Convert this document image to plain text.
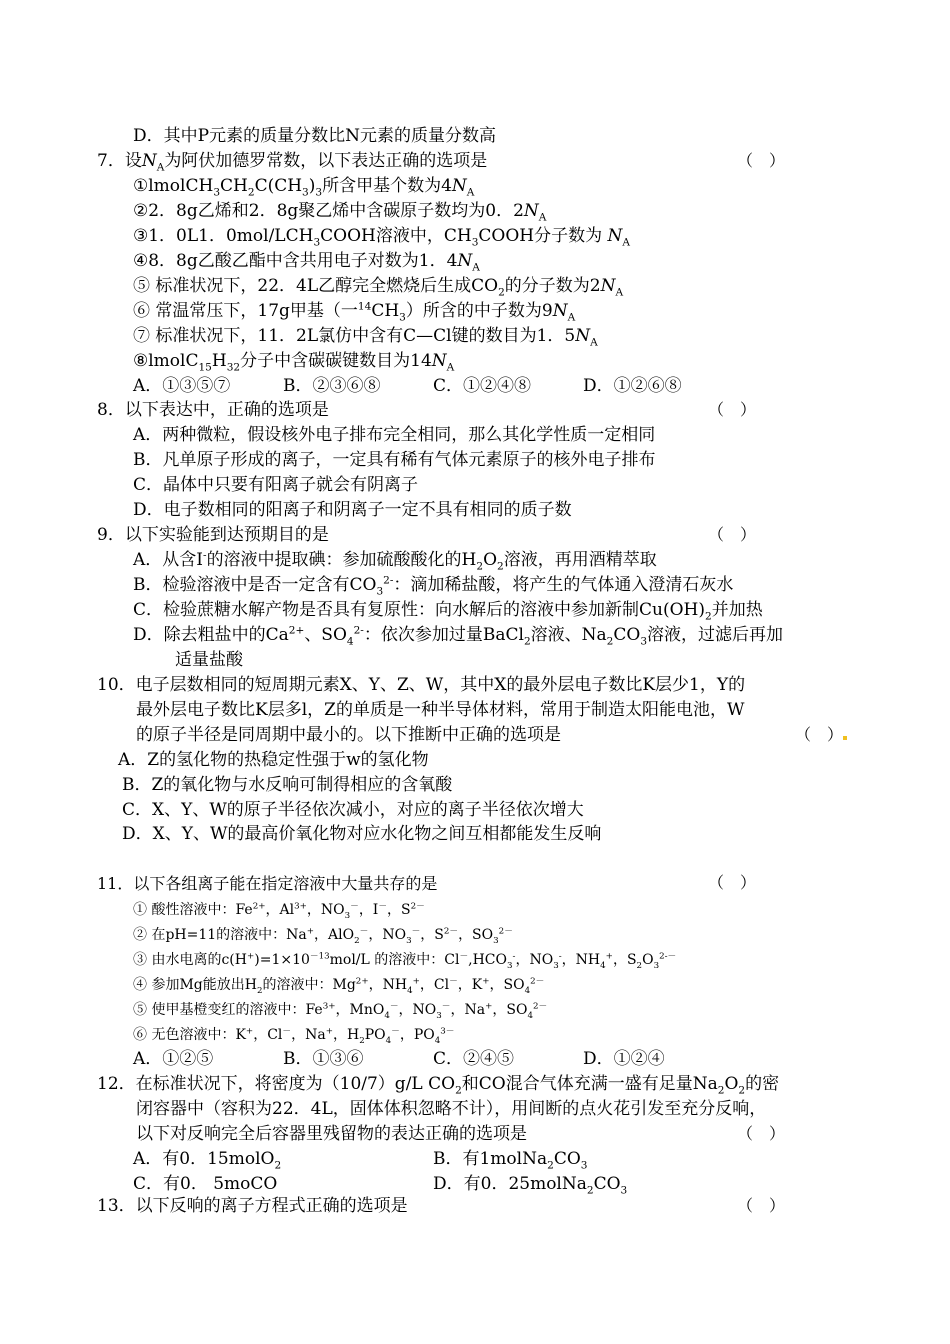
D．其中P元素的质量分数比N元素的质量分数高
7．设$N_A$为阿伏加德罗常数，以下表达正确的选项是	（　）
$①lmolCH_3CH_2C(CH_3)_3$所含甲基个数为$4N_A$
②2．8g乙烯和2．8g聚乙烯中含碳原子数均为0．$2N_A$
③1．0L1．$0mol/LCH_3COOH$溶液中，$CH_3COOH$分子数为 $N_A$
④8．8g乙酸乙酯中含共用电子对数为1．$4N_A$
⑤ 标准状况下，22．4L乙醇完全燃烧后生成$CO_2$的分子数为$2N_A$
⑥ 常温常压下，17g甲基（一$^{14}CH_3$）所含的中子数为$9N_A$
⑦ 标准状况下，11．2L氯仿中含有C—Cl键的数目为1．$5N_A$
$⑧lmolC_{15}H_{32}$分子中含碳碳键数目为$14N_A$
A．①③⑤⑦	B．②③⑥⑧	C．①②④⑧	D．①②⑥⑧
8．以下表达中，正确的选项是	（　）
A．两种微粒，假设核外电子排布完全相同，那么其化学性质一定相同
B．凡单原子形成的离子，一定具有稀有气体元素原子的核外电子排布
C．晶体中只要有阳离子就会有阴离子
D．电子数相同的阳离子和阴离子一定不具有相同的质子数
9．以下实验能到达预期目的是	（　）
A．从含I-的溶液中提取碘：参加硫酸酸化的$H_2O_2$溶液，再用酒精萃取
B．检验溶液中是否一定含有$CO_3^{2-}$：滴加稀盐酸，将产生的气体通入澄清石灰水
C．检验蔗糖水解产物是否具有复原性：向水解后的溶液中参加新制$Cu(OH)_2$并加热
D．除去粗盐中的$Ca^{2+}$、$SO_4^{2-}$：依次参加过量BaCl$_2$溶液、$Na_2CO_3$溶液，过滤后再加
适量盐酸
10．电子层数相同的短周期元素X、Y、Z、W，其中X的最外层电子数比K层少1，Y的
最外层电子数比K层多l，Z的单质是一种半导体材料，常用于制造太阳能电池，W
的原子半径是同周期中最小的。以下推断中正确的选项是	（　）
A．Z的氢化物的热稳定性强于w的氢化物
B．Z的氧化物与水反响可制得相应的含氧酸
C．X、Y、W的原子半径依次减小，对应的离子半径依次增大
D．X、Y、W的最高价氧化物对应水化物之间互相都能发生反响
11．以下各组离子能在指定溶液中大量共存的是	（　）
① 酸性溶液中：$Fe^{2+}$，$Al^{3+}$，$NO_3^-$，I－，$S^{2-}$
② 在pH=11的溶液中：Na+，AlO$_2$－，$NO_3^-$，$S^{2-}$，$SO_3^{2-}$
③ 由水电离的$c(H^+)=1\times 10^{-13}mol/L$ 的溶液中：$Cl^-,HCO_3^-$，$NO_3^-$，$NH_4^+$，$S_2O_3^{2--}$
④ 参加Mg能放出$H_2$的溶液中：$Mg^{2+}$，$NH_4^+$，Cl－，K+，$SO_4^{2-}$
⑤ 使甲基橙变红的溶液中：$Fe^{3+}$，MnO$_4$－，$NO_3^-$，Na+，$SO_4^{2-}$
⑥ 无色溶液中：K+，Cl－，Na+，$H_2PO_4^-$，$PO_4^{3-}$
A．①②⑤	B．①③⑥	C．②④⑤	D．①②④
12．在标准状况下，将密度为（10/7）g/L $CO_2$和CO混合气体充满一盛有足量$Na_2O_2$的密
闭容器中（容积为22．4L，固体体积忽略不计），用间断的点火花引发至充分反响，
以下对反响完全后容器里残留物的表达正确的选项是	（　）
A．有0．15molO$_2$	B．有$1molNa_2CO_3$
C．有0． 5moCO	D．有0．$25molNa_2CO_3$
13．以下反响的离子方程式正确的选项是	（　）
